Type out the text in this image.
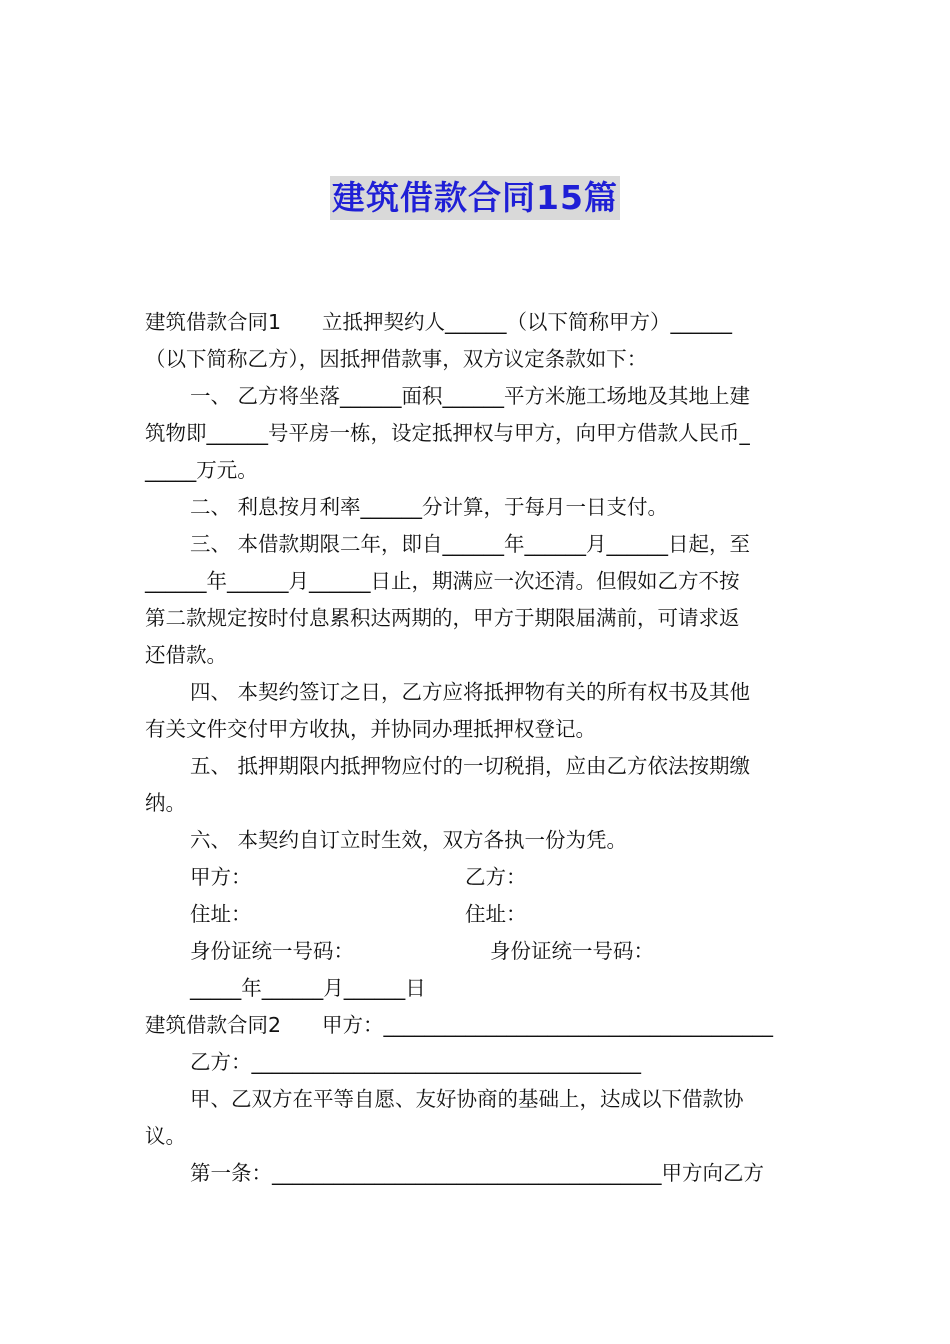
建筑借款合同15篇

建筑借款合同1　　立抵押契约人______（以下简称甲方）______

（以下简称乙方），因抵押借款事，双方议定条款如下：

一、 乙方将坐落______面积______平方米施工场地及其地上建

筑物即______号平房一栋，设定抵押权与甲方，向甲方借款人民币_

_____万元。

二、 利息按月利率______分计算，于每月一日支付。

三、 本借款期限二年，即自______年______月______日起，至

______年______月______日止，期满应一次还清。但假如乙方不按

第二款规定按时付息累积达两期的，甲方于期限届满前，可请求返

还借款。

四、 本契约签订之日，乙方应将抵押物有关的所有权书及其他

有关文件交付甲方收执，并协同办理抵押权登记。

五、 抵押期限内抵押物应付的一切税捐，应由乙方依法按期缴

纳。

六、 本契约自订立时生效，双方各执一份为凭。

甲方：	乙方：
住址：	住址：
身份证统一号码：	身份证统一号码：

_____年______月______日

建筑借款合同2　　甲方：______________________________________

乙方：______________________________________

甲、乙双方在平等自愿、友好协商的基础上，达成以下借款协

议。

第一条：______________________________________甲方向乙方
